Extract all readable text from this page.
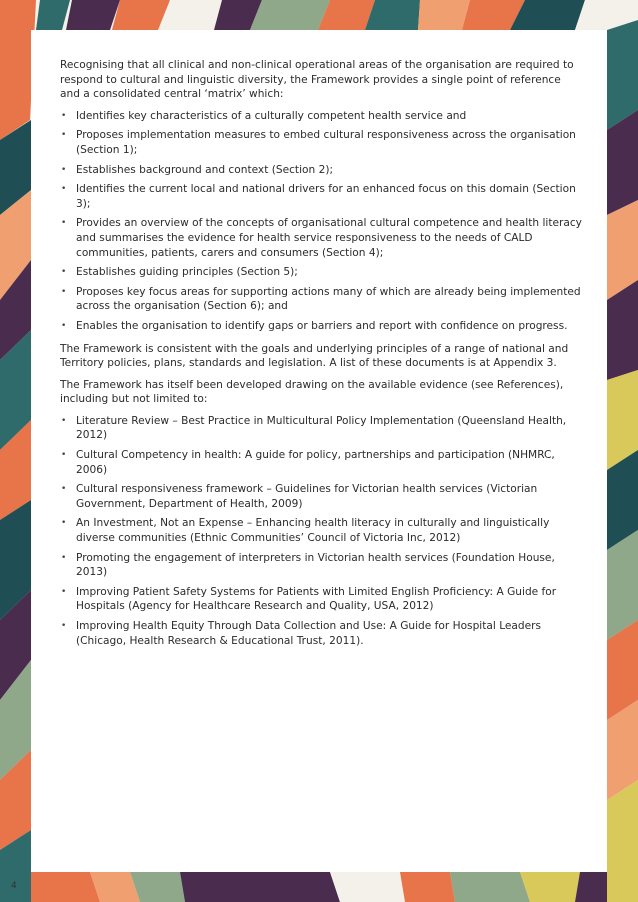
Recognising that all clinical and non-clinical operational areas of the organisation are required to respond to cultural and linguistic diversity, the Framework provides a single point of reference and a consolidated central ‘matrix’ which:

• Identifies key characteristics of a culturally competent health service and
• Proposes implementation measures to embed cultural responsiveness across the organisation (Section 1);
• Establishes background and context (Section 2);
• Identifies the current local and national drivers for an enhanced focus on this domain (Section 3);
• Provides an overview of the concepts of organisational cultural competence and health literacy and summarises the evidence for health service responsiveness to the needs of CALD communities, patients, carers and consumers (Section 4);
• Establishes guiding principles (Section 5);
• Proposes key focus areas for supporting actions many of which are already being implemented across the organisation (Section 6); and
• Enables the organisation to identify gaps or barriers and report with confidence on progress.

The Framework is consistent with the goals and underlying principles of a range of national and Territory policies, plans, standards and legislation. A list of these documents is at Appendix 3.

The Framework has itself been developed drawing on the available evidence (see References), including but not limited to:

• Literature Review – Best Practice in Multicultural Policy Implementation (Queensland Health, 2012)
• Cultural Competency in health: A guide for policy, partnerships and participation (NHMRC, 2006)
• Cultural responsiveness framework – Guidelines for Victorian health services (Victorian Government, Department of Health, 2009)
• An Investment, Not an Expense – Enhancing health literacy in culturally and linguistically diverse communities (Ethnic Communities’ Council of Victoria Inc, 2012)
• Promoting the engagement of interpreters in Victorian health services (Foundation House, 2013)
• Improving Patient Safety Systems for Patients with Limited English Proficiency: A Guide for Hospitals (Agency for Healthcare Research and Quality, USA, 2012)
• Improving Health Equity Through Data Collection and Use: A Guide for Hospital Leaders (Chicago, Health Research & Educational Trust, 2011).
4
